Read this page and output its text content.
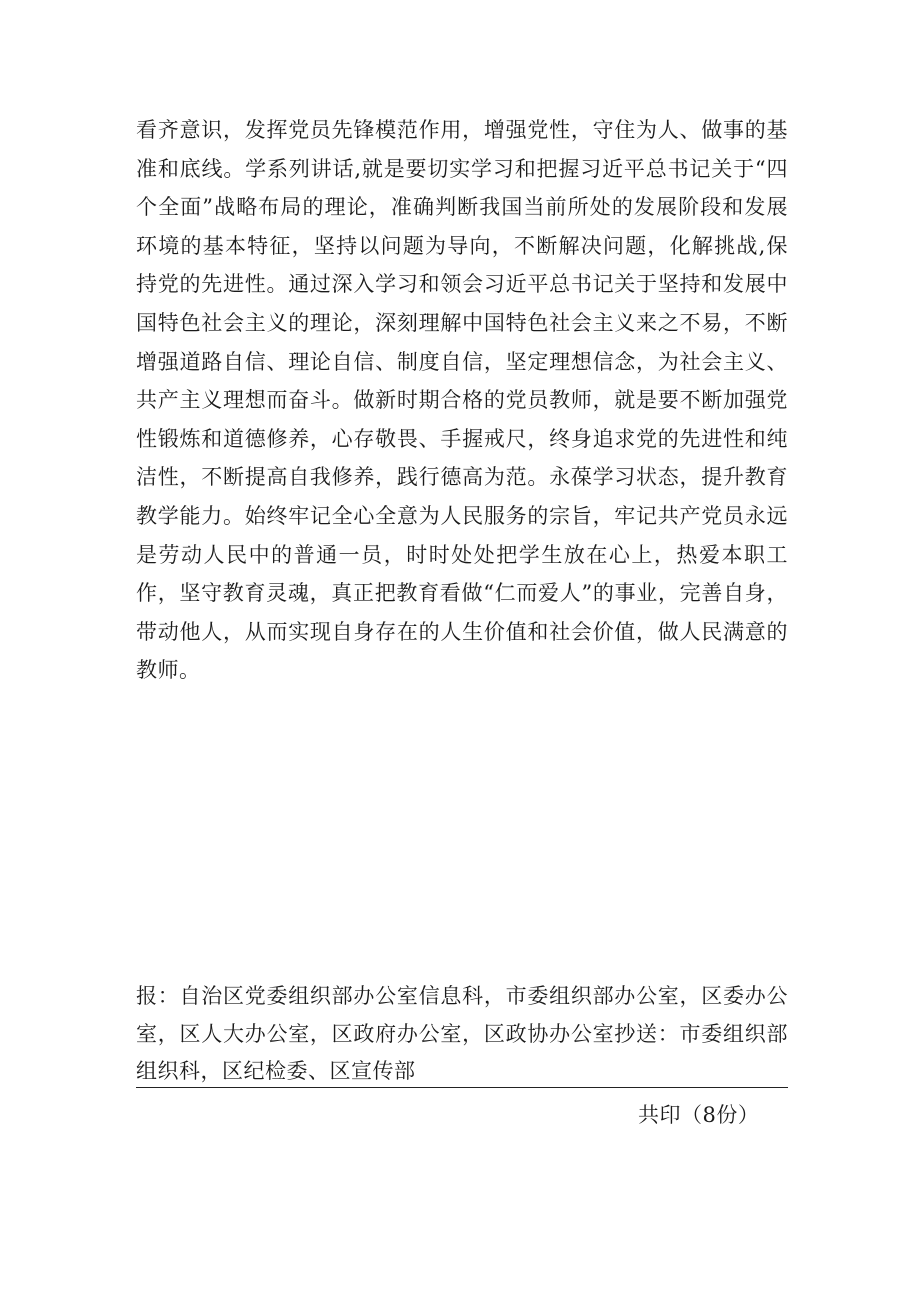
看齐意识，发挥党员先锋模范作用，增强党性，守住为人、做事的基准和底线。学系列讲话,就是要切实学习和把握习近平总书记关于“四个全面”战略布局的理论，准确判断我国当前所处的发展阶段和发展环境的基本特征，坚持以问题为导向，不断解决问题，化解挑战,保持党的先进性。通过深入学习和领会习近平总书记关于坚持和发展中国特色社会主义的理论，深刻理解中国特色社会主义来之不易，不断增强道路自信、理论自信、制度自信，坚定理想信念，为社会主义、共产主义理想而奋斗。做新时期合格的党员教师，就是要不断加强党性锻炼和道德修养，心存敬畏、手握戒尺，终身追求党的先进性和纯洁性，不断提高自我修养，践行德高为范。永葆学习状态，提升教育教学能力。始终牢记全心全意为人民服务的宗旨，牢记共产党员永远是劳动人民中的普通一员，时时处处把学生放在心上，热爱本职工作，坚守教育灵魂，真正把教育看做“仁而爱人”的事业，完善自身，带动他人，从而实现自身存在的人生价值和社会价值，做人民满意的教师。

报：自治区党委组织部办公室信息科，市委组织部办公室，区委办公室，区人大办公室，区政府办公室，区政协办公室抄送：市委组织部组织科，区纪检委、区宣传部

共印（8份）
